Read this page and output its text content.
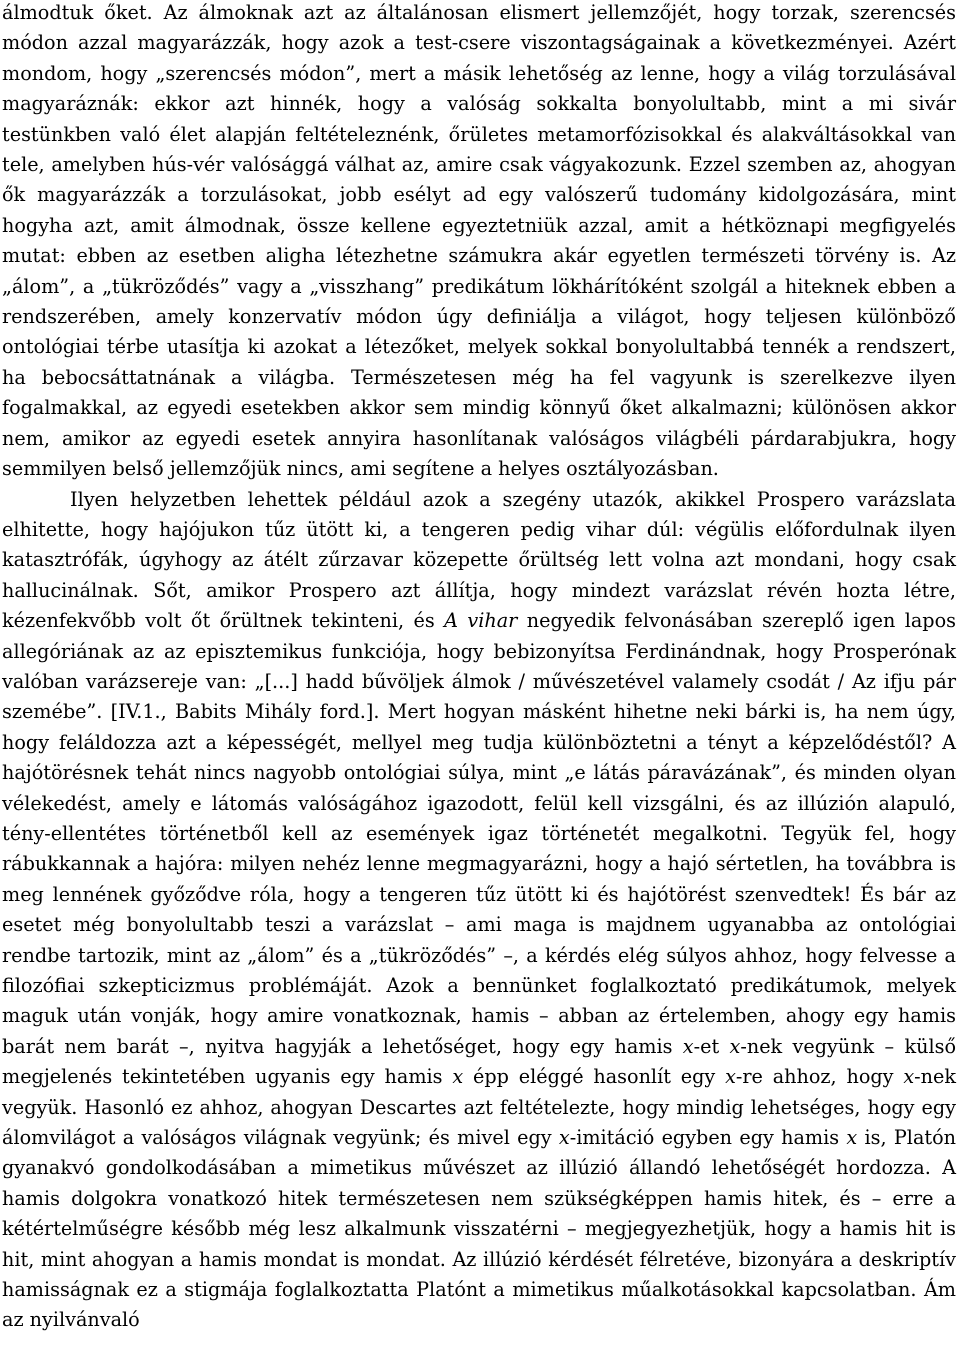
álmodtuk őket. Az álmoknak azt az általánosan elismert jellemzőjét, hogy torzak, szerencsés módon azzal magyarázzák, hogy azok a test-csere viszontagságainak a következményei. Azért mondom, hogy „szerencsés módon”, mert a másik lehetőség az lenne, hogy a világ torzulásával magyaráznák: ekkor azt hinnék, hogy a valóság sokkalta bonyolultabb, mint a mi sivár testünkben való élet alapján feltételeznénk, őrületes metamorfózisokkal és alakváltásokkal van tele, amelyben hús-vér valósággá válhat az, amire csak vágyakozunk. Ezzel szemben az, ahogyan ők magyarázzák a torzulásokat, jobb esélyt ad egy valószerű tudomány kidolgozására, mint hogyha azt, amit álmodnak, össze kellene egyeztetniük azzal, amit a hétköznapi megfigyelés mutat: ebben az esetben aligha létezhetne számukra akár egyetlen természeti törvény is. Az „álom”, a „tükröződés” vagy a „visszhang” predikátum lökhárítóként szolgál a hiteknek ebben a rendszerében, amely konzervatív módon úgy definiálja a világot, hogy teljesen különböző ontológiai térbe utasítja ki azokat a létezőket, melyek sokkal bonyolultabbá tennék a rendszert, ha bebocsáttatnának a világba. Természetesen még ha fel vagyunk is szerelkezve ilyen fogalmakkal, az egyedi esetekben akkor sem mindig könnyű őket alkalmazni; különösen akkor nem, amikor az egyedi esetek annyira hasonlítanak valóságos világbéli párdarabjukra, hogy semmilyen belső jellemzőjük nincs, ami segítene a helyes osztályozásban.

Ilyen helyzetben lehettek például azok a szegény utazók, akikkel Prospero varázslata elhitette, hogy hajójukon tűz ütött ki, a tengeren pedig vihar dúl: végülis előfordulnak ilyen katasztrófák, úgyhogy az átélt zűrzavar közepette őrültség lett volna azt mondani, hogy csak hallucinálnak. Sőt, amikor Prospero azt állítja, hogy mindezt varázslat révén hozta létre, kézenfekvőbb volt őt őrültnek tekinteni, és A vihar negyedik felvonásában szereplő igen lapos allegóriának az az episztemikus funkciója, hogy bebizonyítsa Ferdinándnak, hogy Prosperónak valóban varázsereje van: „[...] hadd bűvöljek álmok / művészetével valamely csodát / Az ifju pár szemébe”. [IV.1., Babits Mihály ford.]. Mert hogyan másként hihetne neki bárki is, ha nem úgy, hogy feláldozza azt a képességét, mellyel meg tudja különböztetni a tényt a képzelődéstől? A hajótörésnek tehát nincs nagyobb ontológiai súlya, mint „e látás páravázának”, és minden olyan vélekedést, amely e látomás valóságához igazodott, felül kell vizsgálni, és az illúzión alapuló, tény-ellentétes történetből kell az események igaz történetét megalkotni. Tegyük fel, hogy rábukkannak a hajóra: milyen nehéz lenne megmagyarázni, hogy a hajó sértetlen, ha továbbra is meg lennének győződve róla, hogy a tengeren tűz ütött ki és hajótörést szenvedtek! És bár az esetet még bonyolultabb teszi a varázslat – ami maga is majdnem ugyanabba az ontológiai rendbe tartozik, mint az „álom” és a „tükröződés” –, a kérdés elég súlyos ahhoz, hogy felvesse a filozófiai szkepticizmus problémáját. Azok a bennünket foglalkoztató predikátumok, melyek maguk után vonják, hogy amire vonatkoznak, hamis – abban az értelemben, ahogy egy hamis barát nem barát –, nyitva hagyják a lehetőséget, hogy egy hamis x-et x-nek vegyünk – külső megjelenés tekintetében ugyanis egy hamis x épp eléggé hasonlít egy x-re ahhoz, hogy x-nek vegyük. Hasonló ez ahhoz, ahogyan Descartes azt feltételezte, hogy mindig lehetséges, hogy egy álomvilágot a valóságos világnak vegyünk; és mivel egy x-imitáció egyben egy hamis x is, Platón gyanakvó gondolkodásában a mimetikus művészet az illúzió állandó lehetőségét hordozza. A hamis dolgokra vonatkozó hitek természetesen nem szükségképpen hamis hitek, és – erre a kétértelműségre később még lesz alkalmunk visszatérni – megjegyezhetjük, hogy a hamis hit is hit, mint ahogyan a hamis mondat is mondat. Az illúzió kérdését félretéve, bizonyára a deskriptív hamisságnak ez a stigmája foglalkoztatta Platónt a mimetikus műalkotásokkal kapcsolatban. Ám az nyilvánvaló
